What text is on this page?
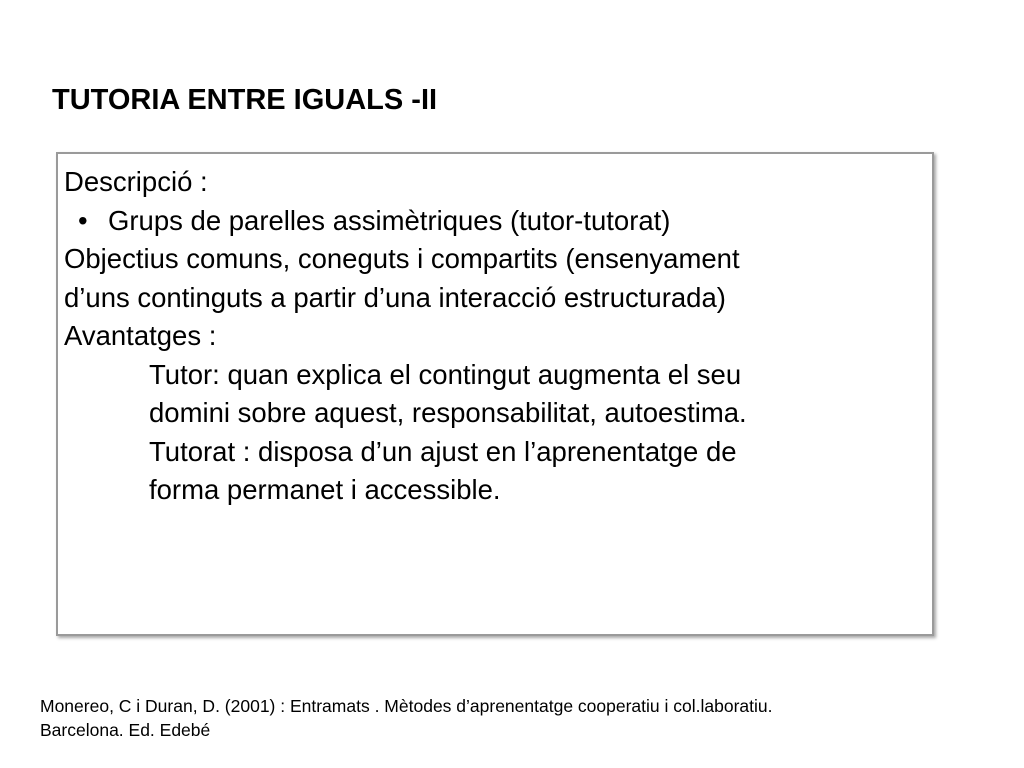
TUTORIA ENTRE IGUALS -II
Descripció :
• Grups de parelles assimètriques (tutor-tutorat)
Objectius comuns, coneguts i compartits (ensenyament
d’uns continguts a partir d’una interacció estructurada)
Avantatges :
Tutor: quan explica el contingut augmenta el seu
domini sobre aquest, responsabilitat, autoestima.
Tutorat : disposa d’un ajust en l’aprenentatge de
forma permanet i accessible.
Monereo, C i Duran, D. (2001) : Entramats . Mètodes d’aprenentatge cooperatiu i col.laboratiu.
Barcelona. Ed. Edebé
